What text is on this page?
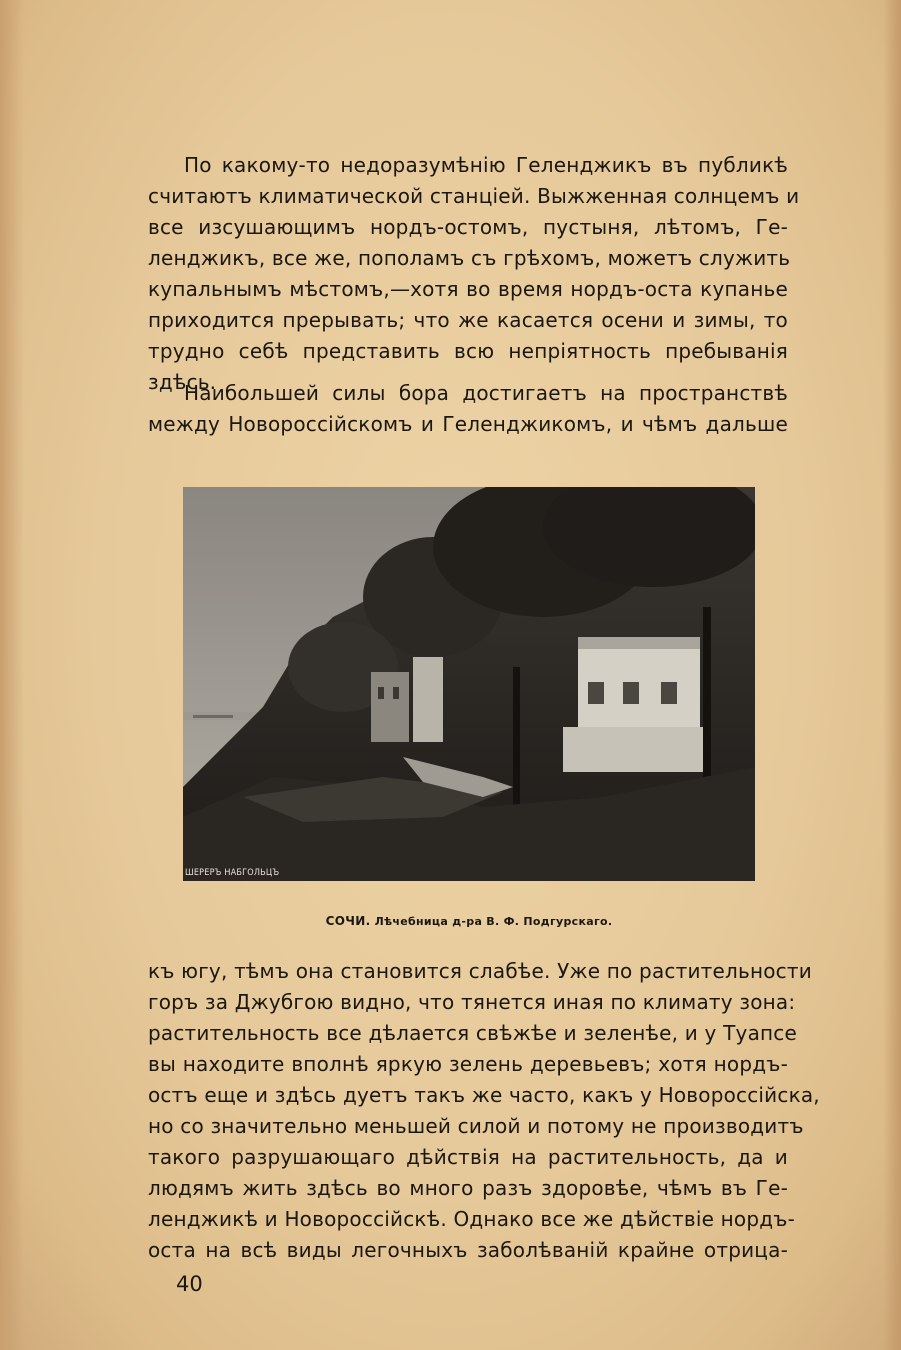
По какому-то недоразумѣнію Геленджикъ въ публикѣ
считаютъ климатической станціей. Выжженная солнцемъ и
все изсушающимъ нордъ-остомъ, пустыня, лѣтомъ, Ге-
ленджикъ, все же, пополамъ съ грѣхомъ, можетъ служить
купальнымъ мѣстомъ,—хотя во время нордъ-оста купанье
приходится прерывать; что же касается осени и зимы, то
трудно себѣ представить всю непріятность пребыванія
здѣсь.
Наибольшей силы бора достигаетъ на пространствѣ
между Новороссійскомъ и Геленджикомъ, и чѣмъ дальше
ШЕРЕРЪ НАБГОЛЬЦЪ
СОЧИ. Лѣчебница д-ра В. Ф. Подгурскаго.
къ югу, тѣмъ она становится слабѣе. Уже по растительности
горъ за Джубгою видно, что тянется иная по климату зона:
растительность все дѣлается свѣжѣе и зеленѣе, и у Туапсе
вы находите вполнѣ яркую зелень деревьевъ; хотя нордъ-
остъ еще и здѣсь дуетъ такъ же часто, какъ у Новороссійска,
но со значительно меньшей силой и потому не производитъ
такого разрушающаго дѣйствія на растительность, да и
людямъ жить здѣсь во много разъ здоровѣе, чѣмъ въ Ге-
ленджикѣ и Новороссійскѣ. Однако все же дѣйствіе нордъ-
оста на всѣ виды легочныхъ заболѣваній крайне отрица-
40
